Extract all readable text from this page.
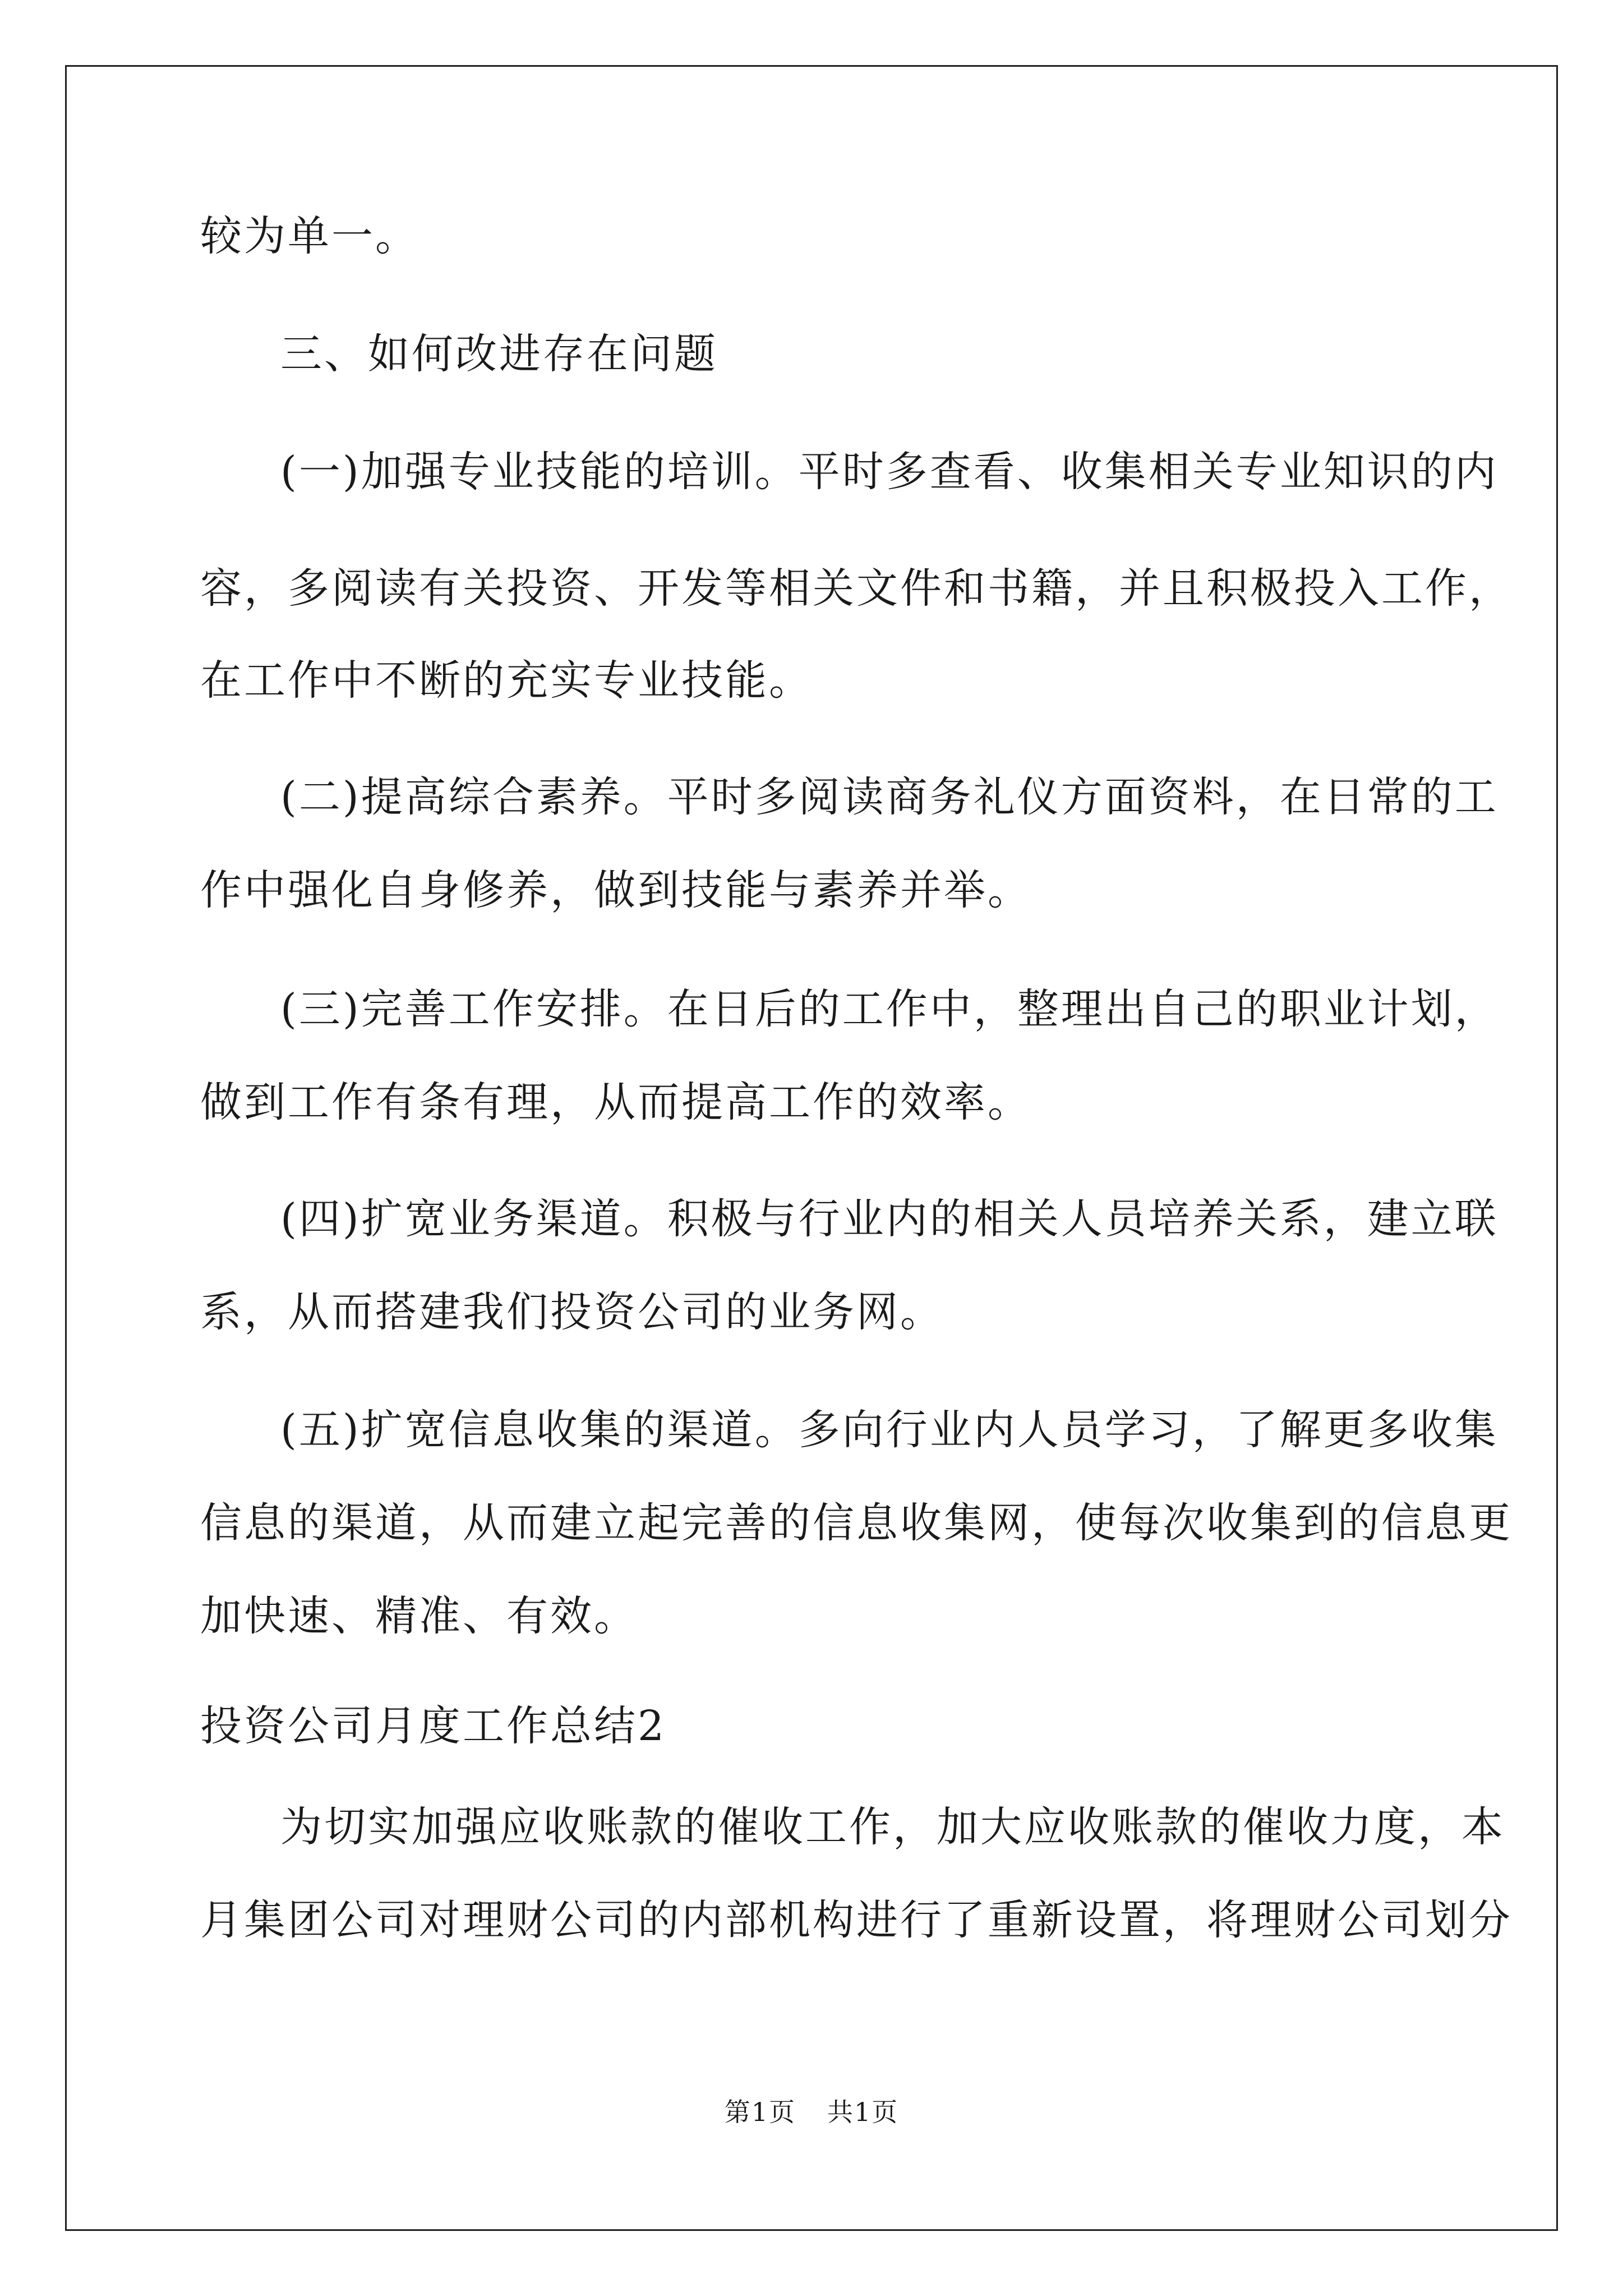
较为单一。
三、如何改进存在问题
(一)加强专业技能的培训。平时多查看、收集相关专业知识的内
容，多阅读有关投资、开发等相关文件和书籍，并且积极投入工作，
在工作中不断的充实专业技能。
(二)提高综合素养。平时多阅读商务礼仪方面资料，在日常的工
作中强化自身修养，做到技能与素养并举。
(三)完善工作安排。在日后的工作中，整理出自己的职业计划，
做到工作有条有理，从而提高工作的效率。
(四)扩宽业务渠道。积极与行业内的相关人员培养关系，建立联
系，从而搭建我们投资公司的业务网。
(五)扩宽信息收集的渠道。多向行业内人员学习，了解更多收集
信息的渠道，从而建立起完善的信息收集网，使每次收集到的信息更
加快速、精准、有效。
投资公司月度工作总结2
为切实加强应收账款的催收工作，加大应收账款的催收力度，本
月集团公司对理财公司的内部机构进行了重新设置，将理财公司划分
第1页 共1页
